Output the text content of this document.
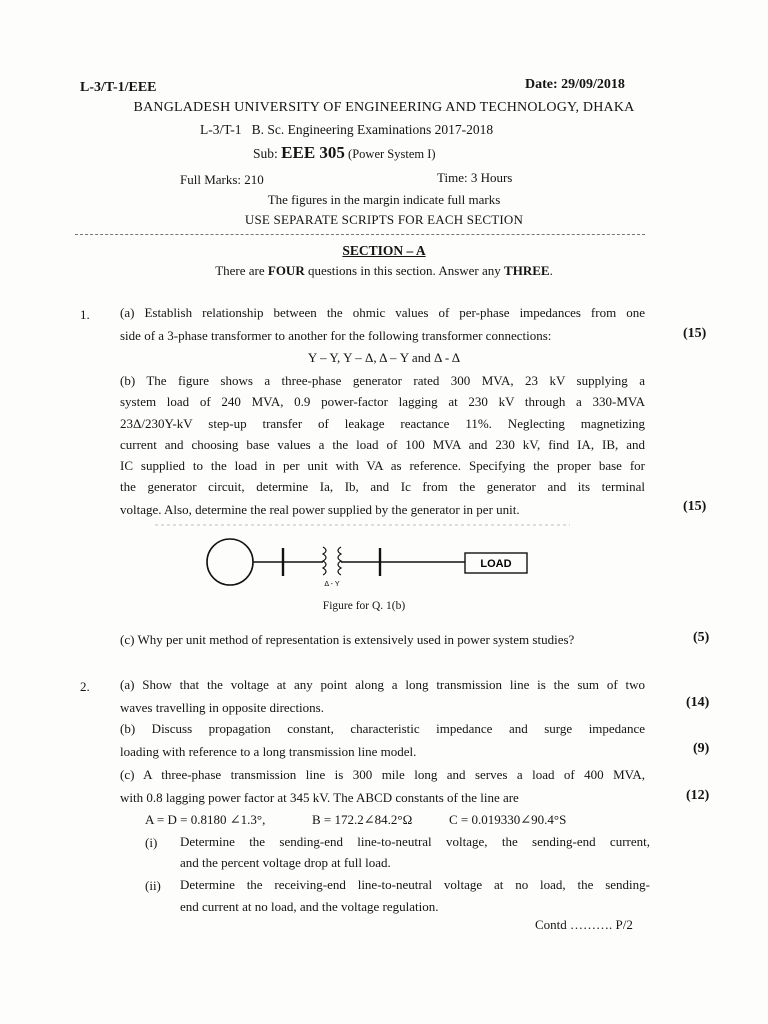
L-3/T-1/EEE	Date: 29/09/2018
BANGLADESH UNIVERSITY OF ENGINEERING AND TECHNOLOGY, DHAKA
L-3/T-1   B. Sc. Engineering Examinations 2017-2018
Sub: EEE 305 (Power System I)
Full Marks: 210	Time: 3 Hours
The figures in the margin indicate full marks
USE SEPARATE SCRIPTS FOR EACH SECTION
SECTION – A
There are FOUR questions in this section. Answer any THREE.
1. (a) Establish relationship between the ohmic values of per-phase impedances from one
side of a 3-phase transformer to another for the following transformer connections:	(15)
Y – Y, Y – Δ, Δ – Y and Δ - Δ
(b) The figure shows a three-phase generator rated 300 MVA, 23 kV supplying a
system load of 240 MVA, 0.9 power-factor lagging at 230 kV through a 330-MVA
23Δ/230Y-kV step-up transfer of leakage reactance 11%. Neglecting magnetizing
current and choosing base values a the load of 100 MVA and 230 kV, find IA, IB, and
IC supplied to the load in per unit with VA as reference. Specifying the proper base for
the generator circuit, determine Ia, Ib, and Ic from the generator and its terminal
voltage. Also, determine the real power supplied by the generator in per unit.	(15)
Δ - Y
LOAD
Figure for Q. 1(b)
(c) Why per unit method of representation is extensively used in power system studies?	(5)
2. (a) Show that the voltage at any point along a long transmission line is the sum of two
waves travelling in opposite directions.	(14)
(b) Discuss propagation constant, characteristic impedance and surge impedance
loading with reference to a long transmission line model.	(9)
(c) A three-phase transmission line is 300 mile long and serves a load of 400 MVA,
with 0.8 lagging power factor at 345 kV. The ABCD constants of the line are	(12)
A = D = 0.8180 ∠1.3°,	B = 172.2∠84.2°Ω	C = 0.019330∠90.4°S
(i) Determine the sending-end line-to-neutral voltage, the sending-end current,
and the percent voltage drop at full load.
(ii) Determine the receiving-end line-to-neutral voltage at no load, the sending-
end current at no load, and the voltage regulation.
Contd ………. P/2
